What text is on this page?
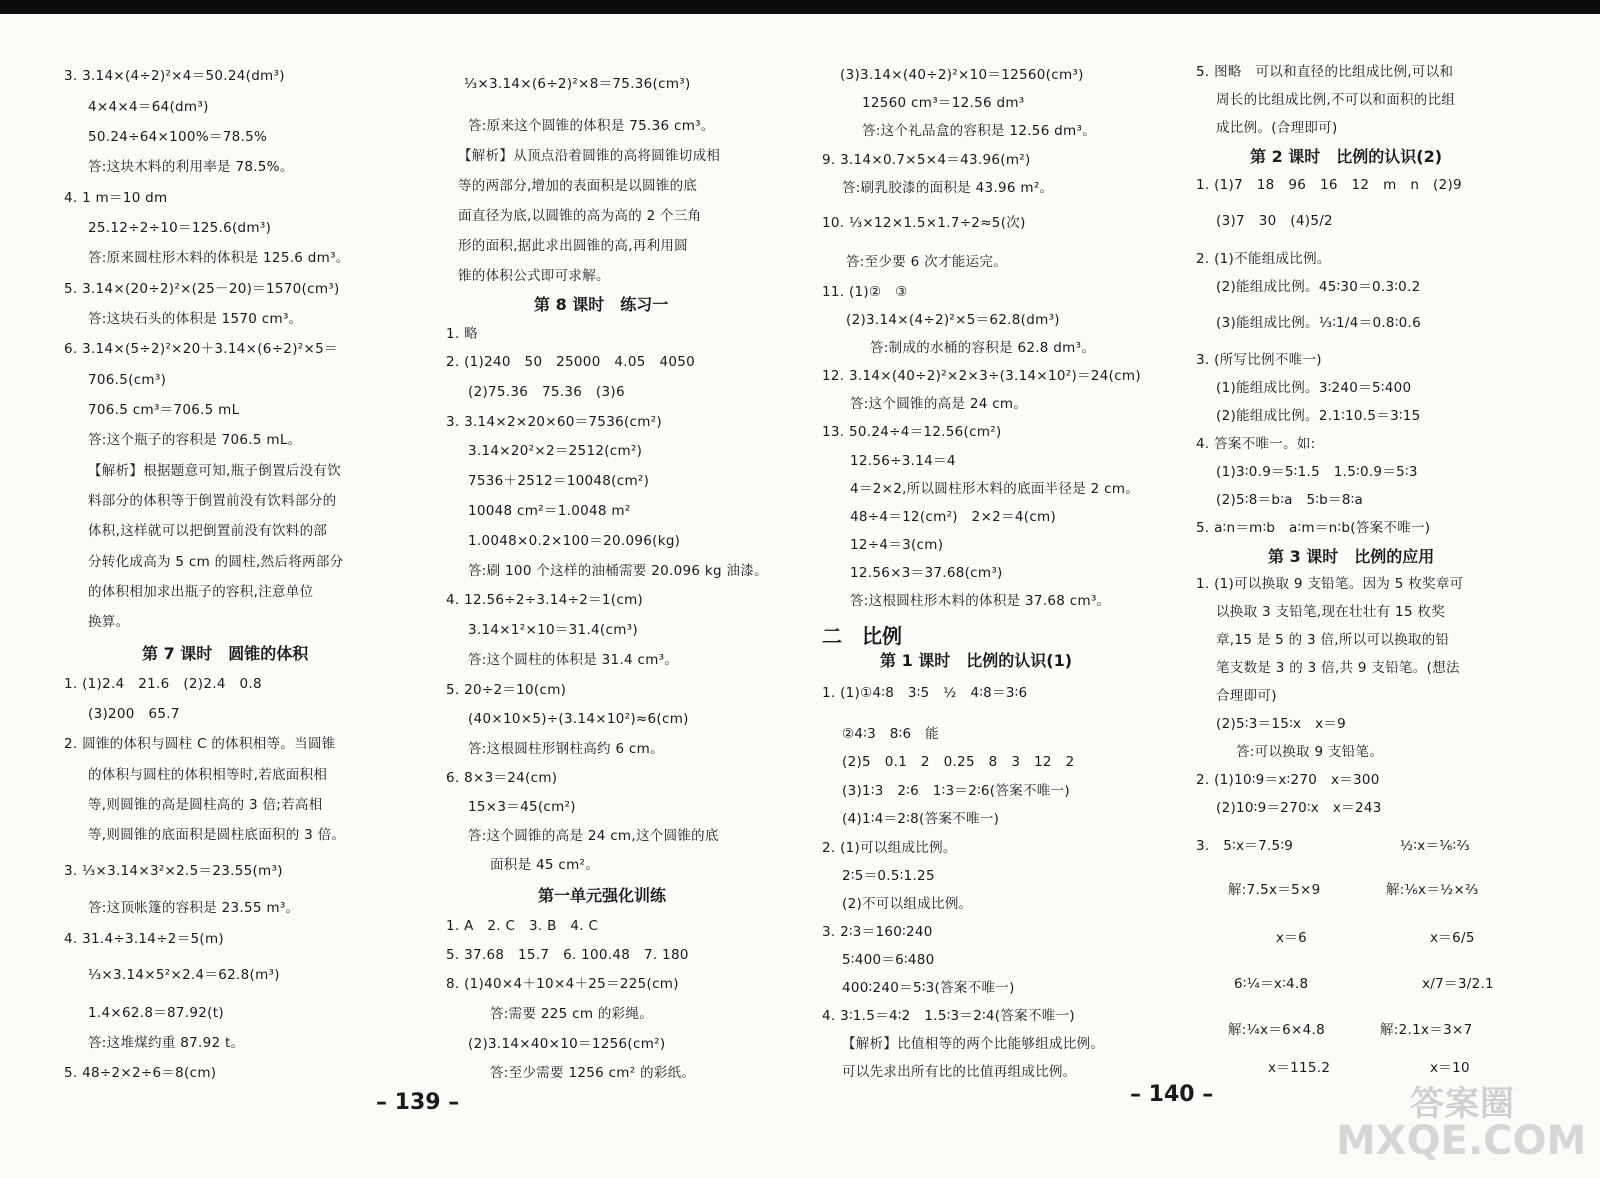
3. 3.14×(4÷2)²×4＝50.24(dm³)
4×4×4＝64(dm³)
50.24÷64×100%＝78.5%
答:这块木料的利用率是 78.5%。
4. 1 m＝10 dm
25.12÷2÷10＝125.6(dm³)
答:原来圆柱形木料的体积是 125.6 dm³。
5. 3.14×(20÷2)²×(25－20)＝1570(cm³)
答:这块石头的体积是 1570 cm³。
6. 3.14×(5÷2)²×20＋3.14×(6÷2)²×5＝
706.5(cm³)
706.5 cm³＝706.5 mL
答:这个瓶子的容积是 706.5 mL。
【解析】根据题意可知,瓶子倒置后没有饮
料部分的体积等于倒置前没有饮料部分的
体积,这样就可以把倒置前没有饮料的部
分转化成高为 5 cm 的圆柱,然后将两部分
的体积相加求出瓶子的容积,注意单位
换算。
第 7 课时　圆锥的体积
1. (1)2.4　21.6　(2)2.4　0.8
(3)200　65.7
2. 圆锥的体积与圆柱 C 的体积相等。当圆锥
的体积与圆柱的体积相等时,若底面积相
等,则圆锥的高是圆柱高的 3 倍;若高相
等,则圆锥的底面积是圆柱底面积的 3 倍。
3. ⅓×3.14×3²×2.5＝23.55(m³)
答:这顶帐篷的容积是 23.55 m³。
4. 31.4÷3.14÷2＝5(m)
⅓×3.14×5²×2.4＝62.8(m³)
1.4×62.8＝87.92(t)
答:这堆煤约重 87.92 t。
5. 48÷2×2÷6＝8(cm)
⅓×3.14×(6÷2)²×8＝75.36(cm³)
答:原来这个圆锥的体积是 75.36 cm³。
【解析】从顶点沿着圆锥的高将圆锥切成相
等的两部分,增加的表面积是以圆锥的底
面直径为底,以圆锥的高为高的 2 个三角
形的面积,据此求出圆锥的高,再利用圆
锥的体积公式即可求解。
第 8 课时　练习一
1. 略
2. (1)240　50　25000　4.05　4050
(2)75.36　75.36　(3)6
3. 3.14×2×20×60＝7536(cm²)
3.14×20²×2＝2512(cm²)
7536＋2512＝10048(cm²)
10048 cm²＝1.0048 m²
1.0048×0.2×100＝20.096(kg)
答:刷 100 个这样的油桶需要 20.096 kg 油漆。
4. 12.56÷2÷3.14÷2＝1(cm)
3.14×1²×10＝31.4(cm³)
答:这个圆柱的体积是 31.4 cm³。
5. 20÷2＝10(cm)
(40×10×5)÷(3.14×10²)≈6(cm)
答:这根圆柱形钢柱高约 6 cm。
6. 8×3＝24(cm)
15×3＝45(cm²)
答:这个圆锥的高是 24 cm,这个圆锥的底
面积是 45 cm²。
第一单元强化训练
1. A　2. C　3. B　4. C
5. 37.68　15.7　6. 100.48　7. 180
8. (1)40×4＋10×4＋25＝225(cm)
答:需要 225 cm 的彩绳。
(2)3.14×40×10＝1256(cm²)
答:至少需要 1256 cm² 的彩纸。
(3)3.14×(40÷2)²×10＝12560(cm³)
12560 cm³＝12.56 dm³
答:这个礼品盒的容积是 12.56 dm³。
9. 3.14×0.7×5×4＝43.96(m²)
答:刷乳胶漆的面积是 43.96 m²。
10. ⅓×12×1.5×1.7÷2≈5(次)
答:至少要 6 次才能运完。
11. (1)②　③
(2)3.14×(4÷2)²×5＝62.8(dm³)
答:制成的水桶的容积是 62.8 dm³。
12. 3.14×(40÷2)²×2×3÷(3.14×10²)＝24(cm)
答:这个圆锥的高是 24 cm。
13. 50.24÷4＝12.56(cm²)
12.56÷3.14＝4
4＝2×2,所以圆柱形木料的底面半径是 2 cm。
48÷4＝12(cm²)　2×2＝4(cm)
12÷4＝3(cm)
12.56×3＝37.68(cm³)
答:这根圆柱形木料的体积是 37.68 cm³。
二　比例
第 1 课时　比例的认识(1)
1. (1)①4∶8　3∶5　½　4∶8＝3∶6
②4∶3　8∶6　能
(2)5　0.1　2　0.25　8　3　12　2
(3)1∶3　2∶6　1∶3＝2∶6(答案不唯一)
(4)1∶4＝2∶8(答案不唯一)
2. (1)可以组成比例。
2∶5＝0.5∶1.25
(2)不可以组成比例。
3. 2∶3＝160∶240
5∶400＝6∶480
400∶240＝5∶3(答案不唯一)
4. 3∶1.5＝4∶2　1.5∶3＝2∶4(答案不唯一)
【解析】比值相等的两个比能够组成比例。
可以先求出所有比的比值再组成比例。
5. 图略　可以和直径的比组成比例,可以和
周长的比组成比例,不可以和面积的比组
成比例。(合理即可)
第 2 课时　比例的认识(2)
1. (1)7　18　96　16　12　m　n　(2)9
(3)7　30　(4)5/2
2. (1)不能组成比例。
(2)能组成比例。45∶30＝0.3∶0.2
(3)能组成比例。⅓∶1/4＝0.8∶0.6
3. (所写比例不唯一)
(1)能组成比例。3∶240＝5∶400
(2)能组成比例。2.1∶10.5＝3∶15
4. 答案不唯一。如:
(1)3∶0.9＝5∶1.5　1.5∶0.9＝5∶3
(2)5∶8＝b∶a　5∶b＝8∶a
5. a∶n＝m∶b　a∶m＝n∶b(答案不唯一)
第 3 课时　比例的应用
1. (1)可以换取 9 支铅笔。因为 5 枚奖章可
以换取 3 支铅笔,现在壮壮有 15 枚奖
章,15 是 5 的 3 倍,所以可以换取的铅
笔支数是 3 的 3 倍,共 9 支铅笔。(想法
合理即可)
(2)5∶3＝15∶x　x＝9
答:可以换取 9 支铅笔。
2. (1)10∶9＝x∶270　x＝300
(2)10∶9＝270∶x　x＝243
3.　5∶x＝7.5∶9	½∶x＝⅙∶⅔
解:7.5x＝5×9	解:⅙x＝½×⅔
x＝6	x＝6/5
6∶¼＝x∶4.8	x/7＝3/2.1
解:¼x＝6×4.8	解:2.1x＝3×7
x＝115.2	x＝10
– 139 –	– 140 –	答案圈
MXQE.COM
